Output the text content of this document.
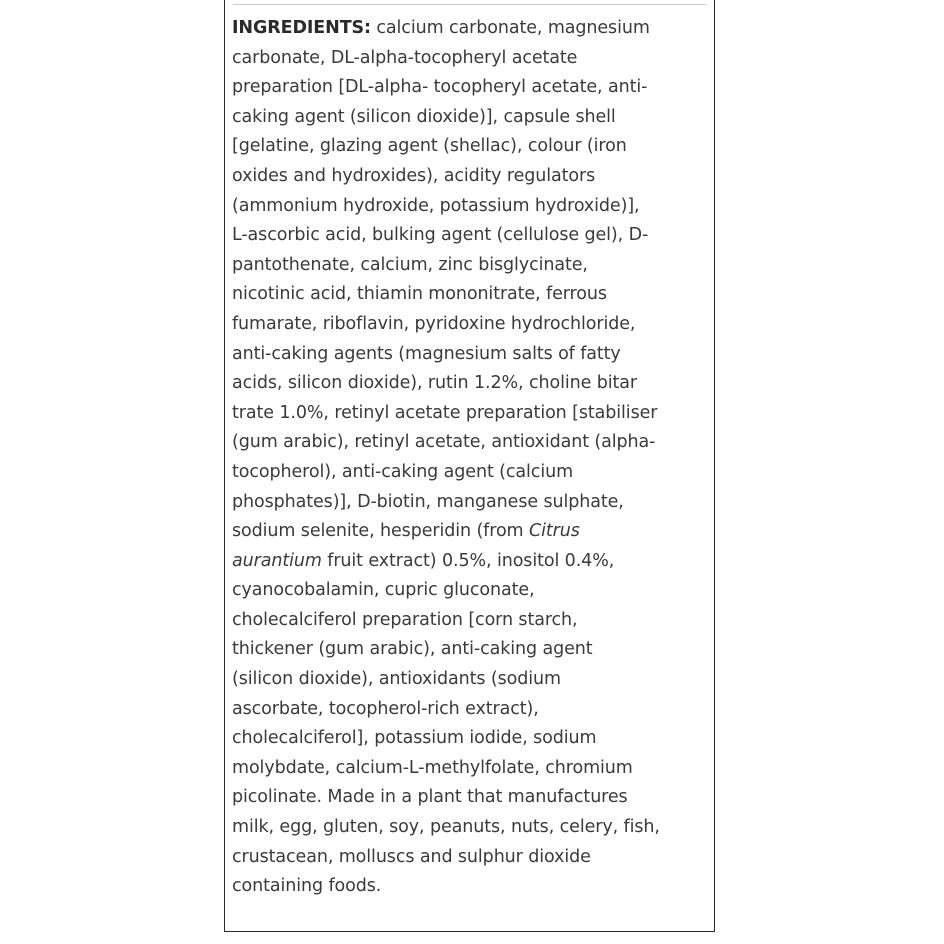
INGREDIENTS: calcium carbonate, magnesium
carbonate, DL-alpha-tocopheryl acetate
preparation [DL-alpha- tocopheryl acetate, anti-
caking agent (silicon dioxide)], capsule shell
[gelatine, glazing agent (shellac), colour (iron
oxides and hydroxides), acidity regulators
(ammonium hydroxide, potassium hydroxide)],
L-ascorbic acid, bulking agent (cellulose gel), D-
pantothenate, calcium, zinc bisglycinate,
nicotinic acid, thiamin mononitrate, ferrous
fumarate, riboflavin, pyridoxine hydrochloride,
anti-caking agents (magnesium salts of fatty
acids, silicon dioxide), rutin 1.2%, choline bitar
trate 1.0%, retinyl acetate preparation [stabiliser
(gum arabic), retinyl acetate, antioxidant (alpha-
tocopherol), anti-caking agent (calcium
phosphates)], D-biotin, manganese sulphate,
sodium selenite, hesperidin (from Citrus
aurantium fruit extract) 0.5%, inositol 0.4%,
cyanocobalamin, cupric gluconate,
cholecalciferol preparation [corn starch,
thickener (gum arabic), anti-caking agent
(silicon dioxide), antioxidants (sodium
ascorbate, tocopherol-rich extract),
cholecalciferol], potassium iodide, sodium
molybdate, calcium-L-methylfolate, chromium
picolinate. Made in a plant that manufactures
milk, egg, gluten, soy, peanuts, nuts, celery, fish,
crustacean, molluscs and sulphur dioxide
containing foods.
